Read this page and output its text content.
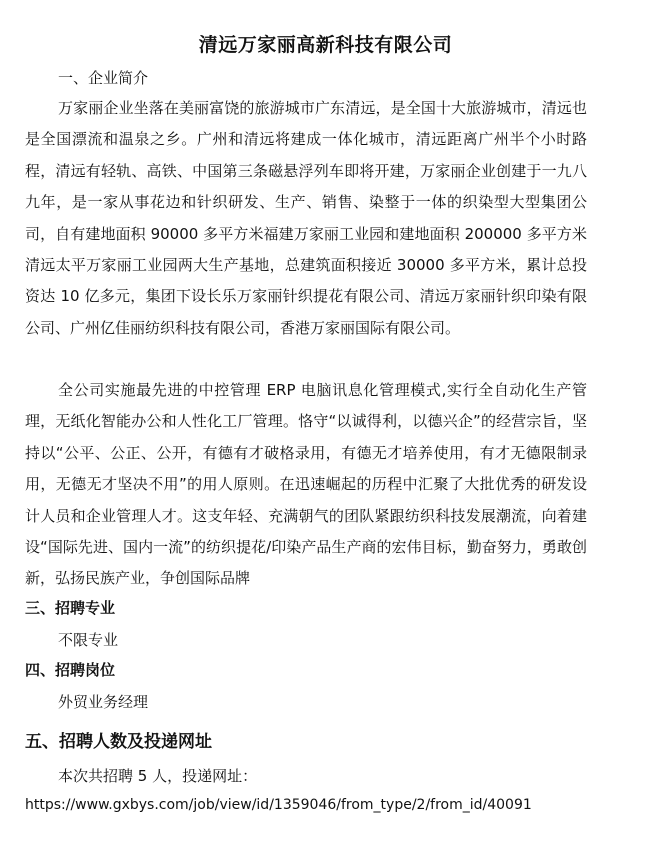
清远万家丽高新科技有限公司
一、企业简介

万家丽企业坐落在美丽富饶的旅游城市广东清远，是全国十大旅游城市，清远也是全国漂流和温泉之乡。广州和清远将建成一体化城市，清远距离广州半个小时路程，清远有轻轨、高铁、中国第三条磁悬浮列车即将开建，万家丽企业创建于一九八九年，是一家从事花边和针织研发、生产、销售、染整于一体的织染型大型集团公司，自有建地面积 90000 多平方米福建万家丽工业园和建地面积 200000 多平方米清远太平万家丽工业园两大生产基地，总建筑面积接近 30000 多平方米，累计总投资达 10 亿多元，集团下设长乐万家丽针织提花有限公司、清远万家丽针织印染有限公司、广州亿佳丽纺织科技有限公司，香港万家丽国际有限公司。

全公司实施最先进的中控管理 ERP 电脑讯息化管理模式,实行全自动化生产管理，无纸化智能办公和人性化工厂管理。恪守“以诚得利，以德兴企”的经营宗旨，坚持以“公平、公正、公开，有德有才破格录用，有德无才培养使用，有才无德限制录用，无德无才坚决不用”的用人原则。在迅速崛起的历程中汇聚了大批优秀的研发设计人员和企业管理人才。这支年轻、充满朝气的团队紧跟纺织科技发展潮流，向着建设“国际先进、国内一流”的纺织提花/印染产品生产商的宏伟目标，勤奋努力，勇敢创新，弘扬民族产业，争创国际品牌

三、招聘专业
不限专业
四、招聘岗位
外贸业务经理
五、招聘人数及投递网址
本次共招聘 5 人，投递网址：
https://www.gxbys.com/job/view/id/1359046/from_type/2/from_id/40091
